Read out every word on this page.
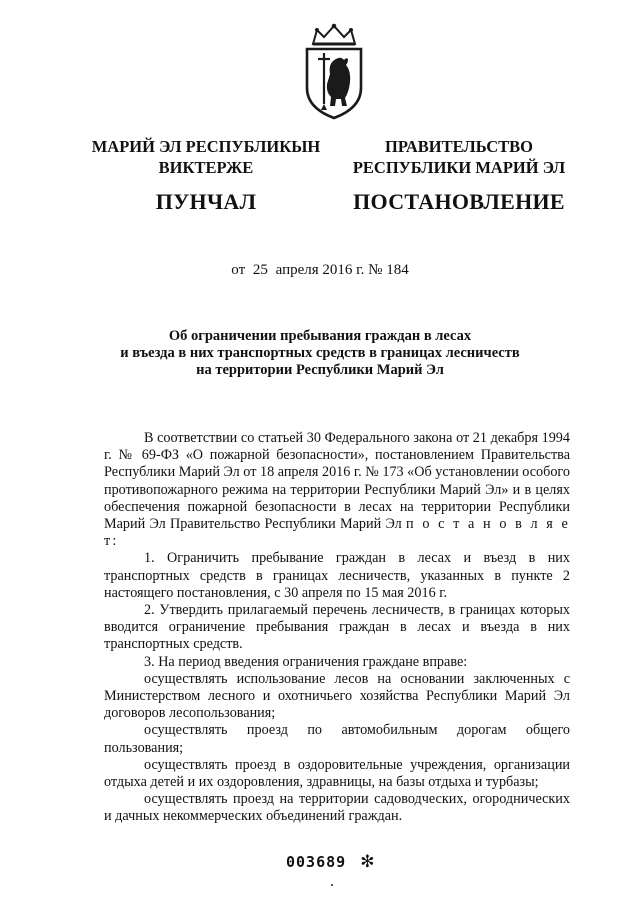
МАРИЙ ЭЛ РЕСПУБЛИКЫН
ВИКТЕРЖЕ
ПУНЧАЛ
ПРАВИТЕЛЬСТВО
РЕСПУБЛИКИ МАРИЙ ЭЛ
ПОСТАНОВЛЕНИЕ
от 25 апреля 2016 г. № 184
Об ограничении пребывания граждан в лесах
и въезда в них транспортных средств в границах лесничеств
на территории Республики Марий Эл

В соответствии со статьей 30 Федерального закона от 21 декабря 1994 г. № 69-ФЗ «О пожарной безопасности», постановлением Правительства Республики Марий Эл от 18 апреля 2016 г. № 173 «Об установлении особого противопожарного режима на территории Республики Марий Эл» и в целях обеспечения пожарной безопасности в лесах на территории Республики Марий Эл Правительство Республики Марий Эл п о с т а н о в л я е т:

1. Ограничить пребывание граждан в лесах и въезд в них транспортных средств в границах лесничеств, указанных в пункте 2 настоящего постановления, с 30 апреля по 15 мая 2016 г.

2. Утвердить прилагаемый перечень лесничеств, в границах которых вводится ограничение пребывания граждан в лесах и въезда в них транспортных средств.

3. На период введения ограничения граждане вправе:

осуществлять использование лесов на основании заключенных с Министерством лесного и охотничьего хозяйства Республики Марий Эл договоров лесопользования;

осуществлять проезд по автомобильным дорогам общего пользования;

осуществлять проезд в оздоровительные учреждения, организации отдыха детей и их оздоровления, здравницы, на базы отдыха и турбазы;

осуществлять проезд на территории садоводческих, огороднических и дачных некоммерческих объединений граждан.

003689 ✻
